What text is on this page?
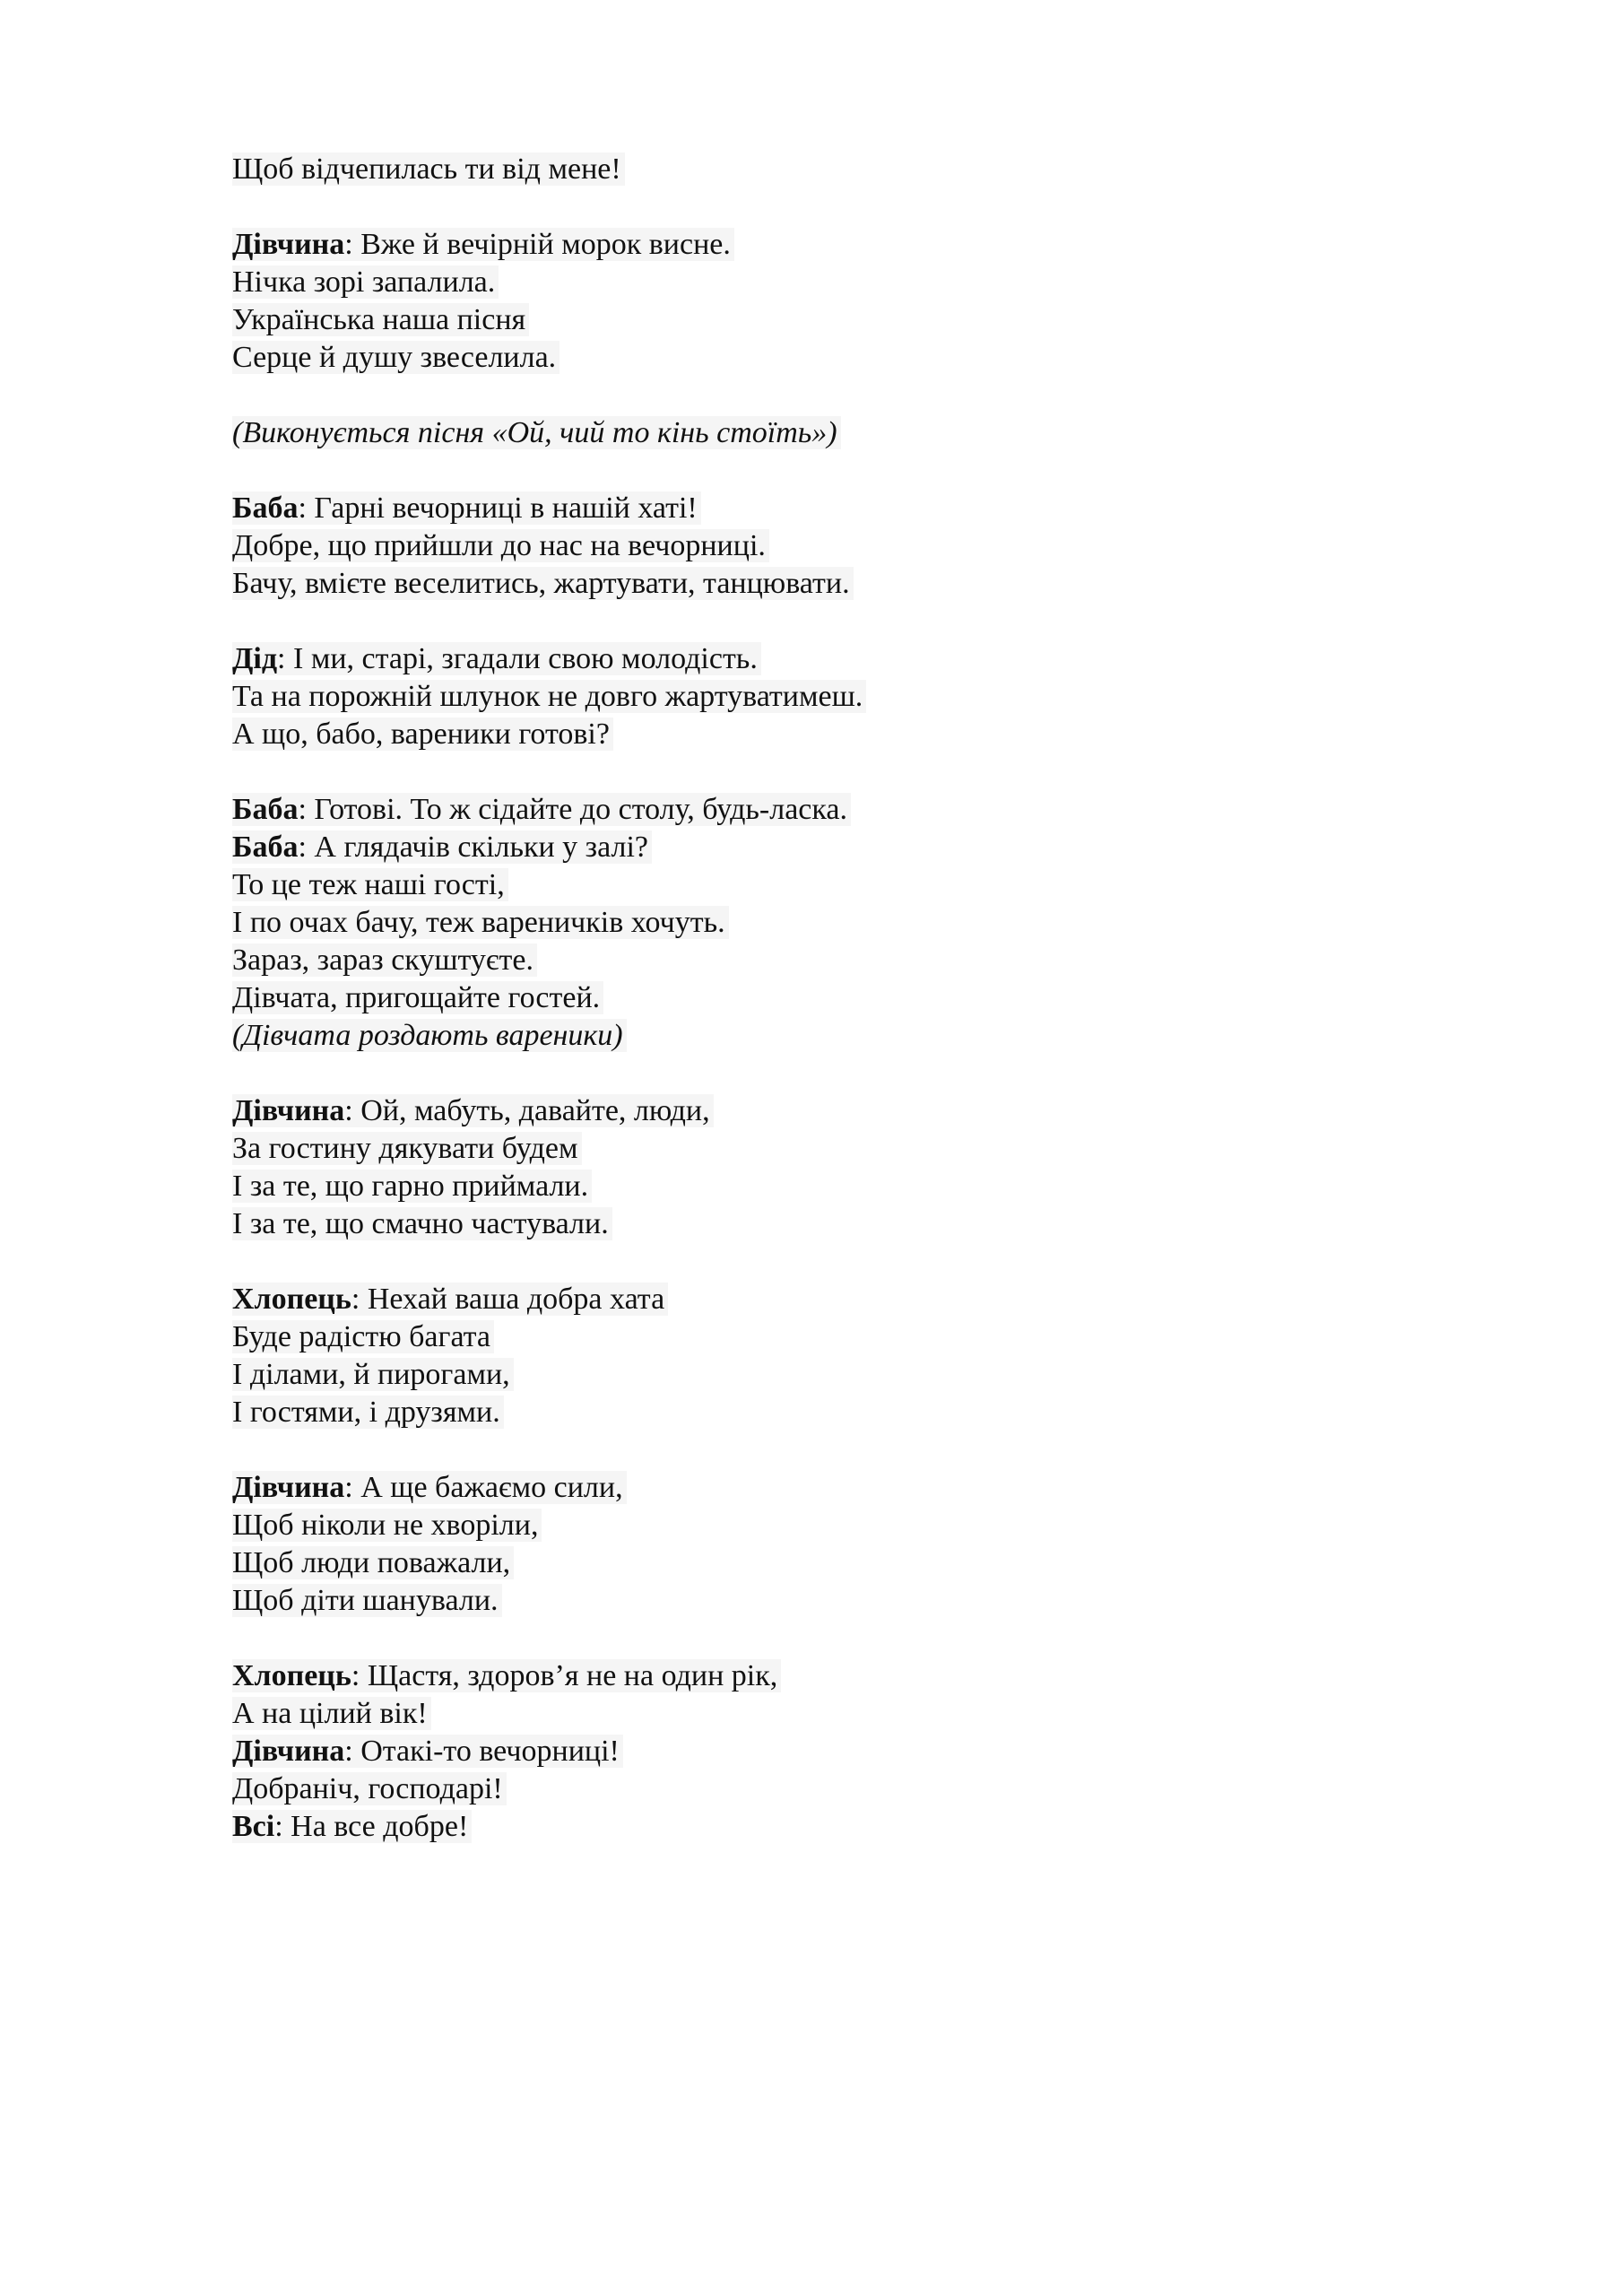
Щоб відчепилась ти від мене!
Дівчина: Вже й вечірній морок висне.
Нічка зорі запалила.
Українська наша пісня
Серце й душу звеселила.
(Виконується пісня «Ой, чий то кінь стоїть»)
Баба: Гарні вечорниці в нашій хаті!
Добре, що прийшли до нас на вечорниці.
Бачу, вмієте веселитись, жартувати, танцювати.
Дід: І ми, старі, згадали свою молодість.
Та на порожній шлунок не довго жартуватимеш.
А що, бабо, вареники готові?
Баба: Готові. То ж сідайте до столу, будь-ласка.
Баба: А глядачів скільки у залі?
То це теж наші гості,
І по очах бачу, теж вареничків хочуть.
Зараз, зараз скуштуєте.
Дівчата, пригощайте гостей.
(Дівчата роздають вареники)
Дівчина: Ой, мабуть, давайте, люди,
За гостину дякувати будем
І за те, що гарно приймали.
І за те, що смачно частували.
Хлопець: Нехай ваша добра хата
Буде радістю багата
І ділами, й пирогами,
І гостями, і друзями.
Дівчина: А ще бажаємо сили,
Щоб ніколи не хворіли,
Щоб люди поважали,
Щоб діти шанували.
Хлопець: Щастя, здоров’я не на один рік,
А на цілий вік!
Дівчина: Отакі-то вечорниці!
Добраніч, господарі!
Всі: На все добре!
